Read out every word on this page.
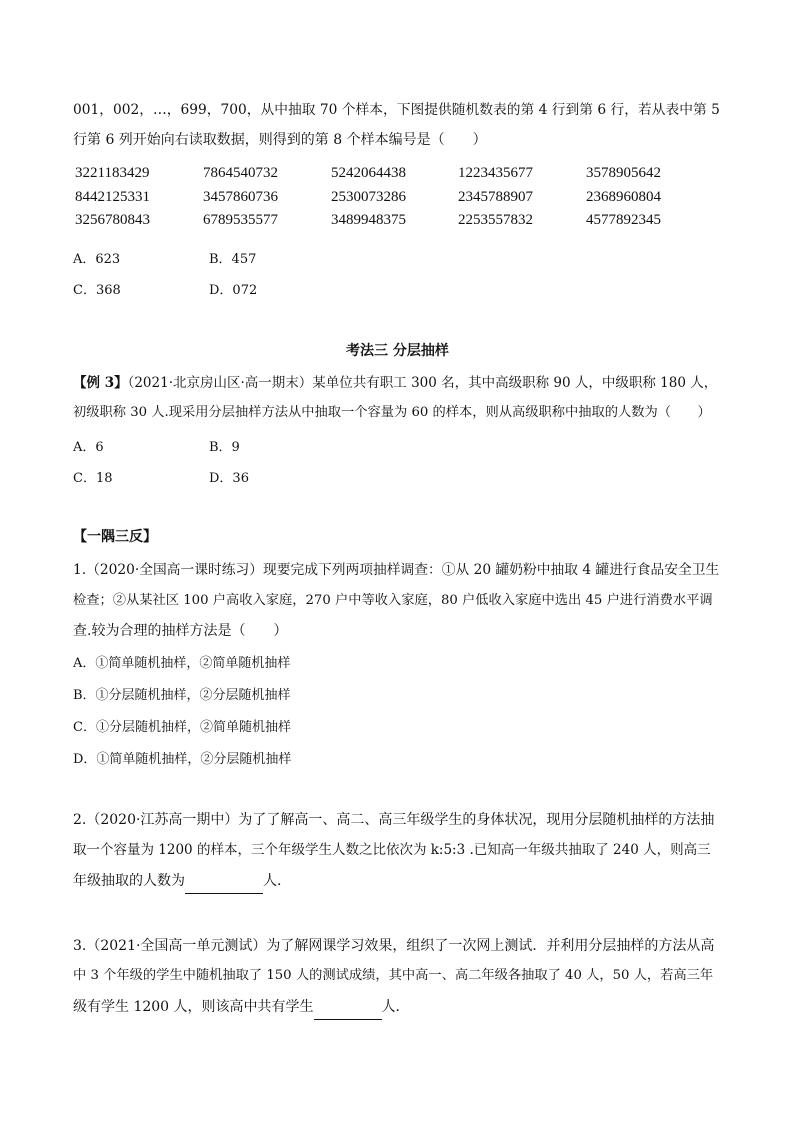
001，002，…，699，700，从中抽取 70 个样本，下图提供随机数表的第 4 行到第 6 行，若从表中第 5
行第 6 列开始向右读取数据，则得到的第 8 个样本编号是（　　）
3221183429	7864540732	5242064438	1223435677	3578905642
8442125331	3457860736	2530073286	2345788907	2368960804
3256780843	6789535577	3489948375	2253557832	4577892345
A．623	B．457
C．368	D．072
考法三 分层抽样
【例 3】（2021·北京房山区·高一期末）某单位共有职工 300 名，其中高级职称 90 人，中级职称 180 人，
初级职称 30 人.现采用分层抽样方法从中抽取一个容量为 60 的样本，则从高级职称中抽取的人数为（　　）
A．6	B．9
C．18	D．36
【一隅三反】
1.（2020·全国高一课时练习）现要完成下列两项抽样调查：①从 20 罐奶粉中抽取 4 罐进行食品安全卫生
检查；②从某社区 100 户高收入家庭，270 户中等收入家庭，80 户低收入家庭中选出 45 户进行消费水平调
查.较为合理的抽样方法是（　　）
A．①简单随机抽样，②简单随机抽样
B．①分层随机抽样，②分层随机抽样
C．①分层随机抽样，②简单随机抽样
D．①简单随机抽样，②分层随机抽样
2.（2020·江苏高一期中）为了了解高一、高二、高三年级学生的身体状况，现用分层随机抽样的方法抽
取一个容量为 1200 的样本，三个年级学生人数之比依次为 k:5:3 .已知高一年级共抽取了 240 人，则高三
年级抽取的人数为	人.
3.（2021·全国高一单元测试）为了解网课学习效果，组织了一次网上测试．并利用分层抽样的方法从高
中 3 个年级的学生中随机抽取了 150 人的测试成绩，其中高一、高二年级各抽取了 40 人，50 人，若高三年
级有学生 1200 人，则该高中共有学生	人．
